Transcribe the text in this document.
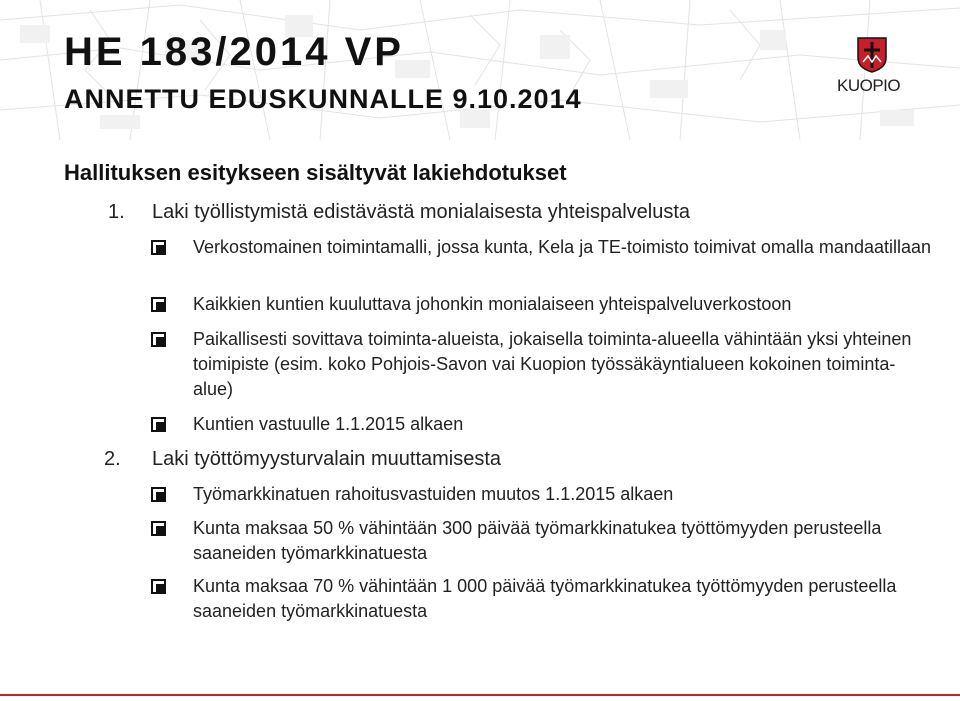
HE 183/2014 VP
ANNETTU EDUSKUNNALLE 9.10.2014	KUOPIO
Hallituksen esitykseen sisältyvät lakiehdotukset
1. Laki työllistymistä edistävästä monialaisesta yhteispalvelusta
Verkostomainen toimintamalli, jossa kunta, Kela ja TE-toimisto toimivat omalla mandaatillaan
Kaikkien kuntien kuuluttava johonkin monialaiseen yhteispalveluverkostoon
Paikallisesti sovittava toiminta-alueista, jokaisella toiminta-alueella vähintään yksi yhteinen toimipiste (esim. koko Pohjois-Savon vai Kuopion työssäkäyntialueen kokoinen toiminta-alue)
Kuntien vastuulle 1.1.2015 alkaen
2. Laki työttömyysturvalain muuttamisesta
Työmarkkinatuen rahoitusvastuiden muutos 1.1.2015 alkaen
Kunta maksaa 50 % vähintään 300 päivää työmarkkinatukea työttömyyden perusteella saaneiden työmarkkinatuesta
Kunta maksaa 70 % vähintään 1 000 päivää työmarkkinatukea työttömyyden perusteella saaneiden työmarkkinatuesta
